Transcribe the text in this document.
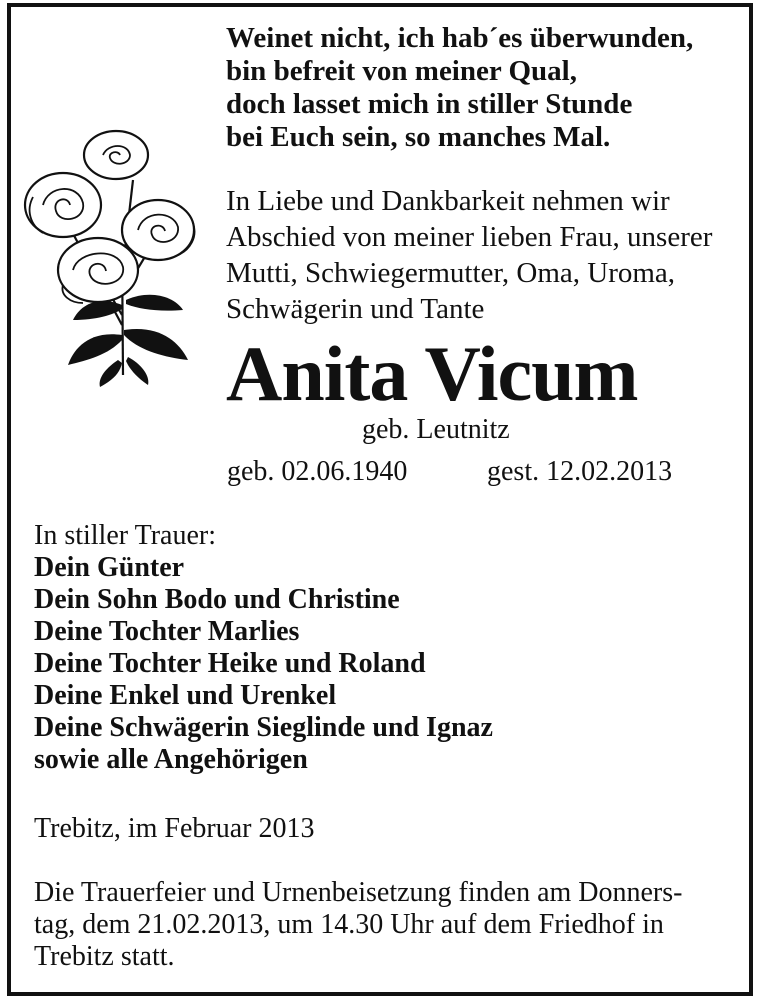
Weinet nicht, ich hab´es überwunden,
bin befreit von meiner Qual,
doch lasset mich in stiller Stunde
bei Euch sein, so manches Mal.
In Liebe und Dankbarkeit nehmen wir
Abschied von meiner lieben Frau, unserer
Mutti, Schwiegermutter, Oma, Uroma,
Schwägerin und Tante
Anita Vicum
geb. Leutnitz
geb. 02.06.1940	gest. 12.02.2013
In stiller Trauer:
Dein Günter
Dein Sohn Bodo und Christine
Deine Tochter Marlies
Deine Tochter Heike und Roland
Deine Enkel und Urenkel
Deine Schwägerin Sieglinde und Ignaz
sowie alle Angehörigen
Trebitz, im Februar 2013
Die Trauerfeier und Urnenbeisetzung finden am Donners-
tag, dem 21.02.2013, um 14.30 Uhr auf dem Friedhof in
Trebitz statt.
